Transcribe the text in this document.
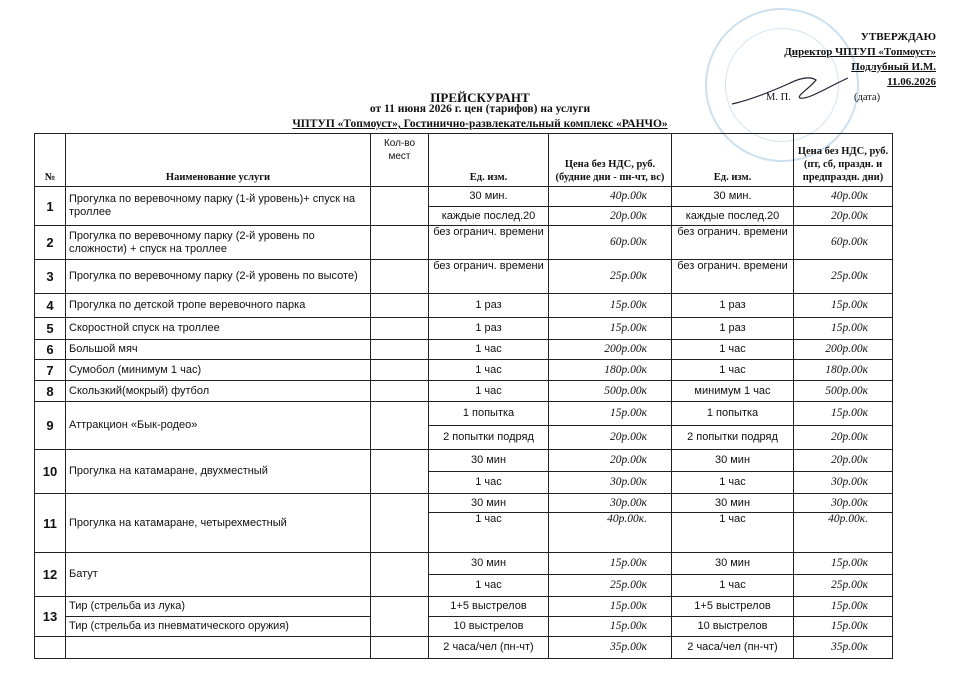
УТВЕРЖДАЮ
Директор ЧПТУП «Топмоуст»
Подлубный И.М.
11.06.2026
М. П.	(дата)
ПРЕЙСКУРАНТ
от 11 июня 2026 г. цен (тарифов) на услуги
ЧПТУП «Топмоуст», Гостинично-развлекательный комплекс «РАНЧО»
№	Наименование услуги	Кол-во мест	Ед. изм.	Цена без НДС, руб. (будние дни - пн-чт, вс)	Ед. изм.	Цена без НДС, руб. (пт, сб, праздн. и предпраздн. дни)
1	Прогулка по веревочному парку (1-й уровень)+ спуск на троллее		30 мин.	40р.00к	30 мин.	40р.00к
			каждые послед.20	20р.00к	каждые послед.20	20р.00к
2	Прогулка по веревочному парку (2-й уровень по сложности) + спуск на троллее		без огранич. времени	60р.00к	без огранич. времени	60р.00к
3	Прогулка по веревочному парку (2-й уровень по высоте)		без огранич. времени	25р.00к	без огранич. времени	25р.00к
4	Прогулка по детской тропе веревочного парка		1 раз	15р.00к	1 раз	15р.00к
5	Скоростной спуск на троллее		1 раз	15р.00к	1 раз	15р.00к
6	Большой мяч		1 час	200р.00к	1 час	200р.00к
7	Сумобол (минимум 1 час)		1 час	180р.00к	1 час	180р.00к
8	Скользкий(мокрый) футбол		1 час	500р.00к	минимум 1 час	500р.00к
9	Аттракцион «Бык-родео»		1 попытка	15р.00к	1 попытка	15р.00к
			2 попытки подряд	20р.00к	2 попытки подряд	20р.00к
10	Прогулка на катамаране, двухместный		30 мин	20р.00к	30 мин	20р.00к
			1 час	30р.00к	1 час	30р.00к
11	Прогулка на катамаране, четырехместный		30 мин	30р.00к	30 мин	30р.00к
			1 час	40р.00к.	1 час	40р.00к.
12	Батут		30 мин	15р.00к	30 мин	15р.00к
			1 час	25р.00к	1 час	25р.00к
13	Тир (стрельба из лука)		1+5 выстрелов	15р.00к	1+5 выстрелов	15р.00к
	Тир (стрельба из пневматического оружия)		10 выстрелов	15р.00к	10 выстрелов	15р.00к
			2 часа/чел (пн-чт)	35р.00к	2 часа/чел (пн-чт)	35р.00к
